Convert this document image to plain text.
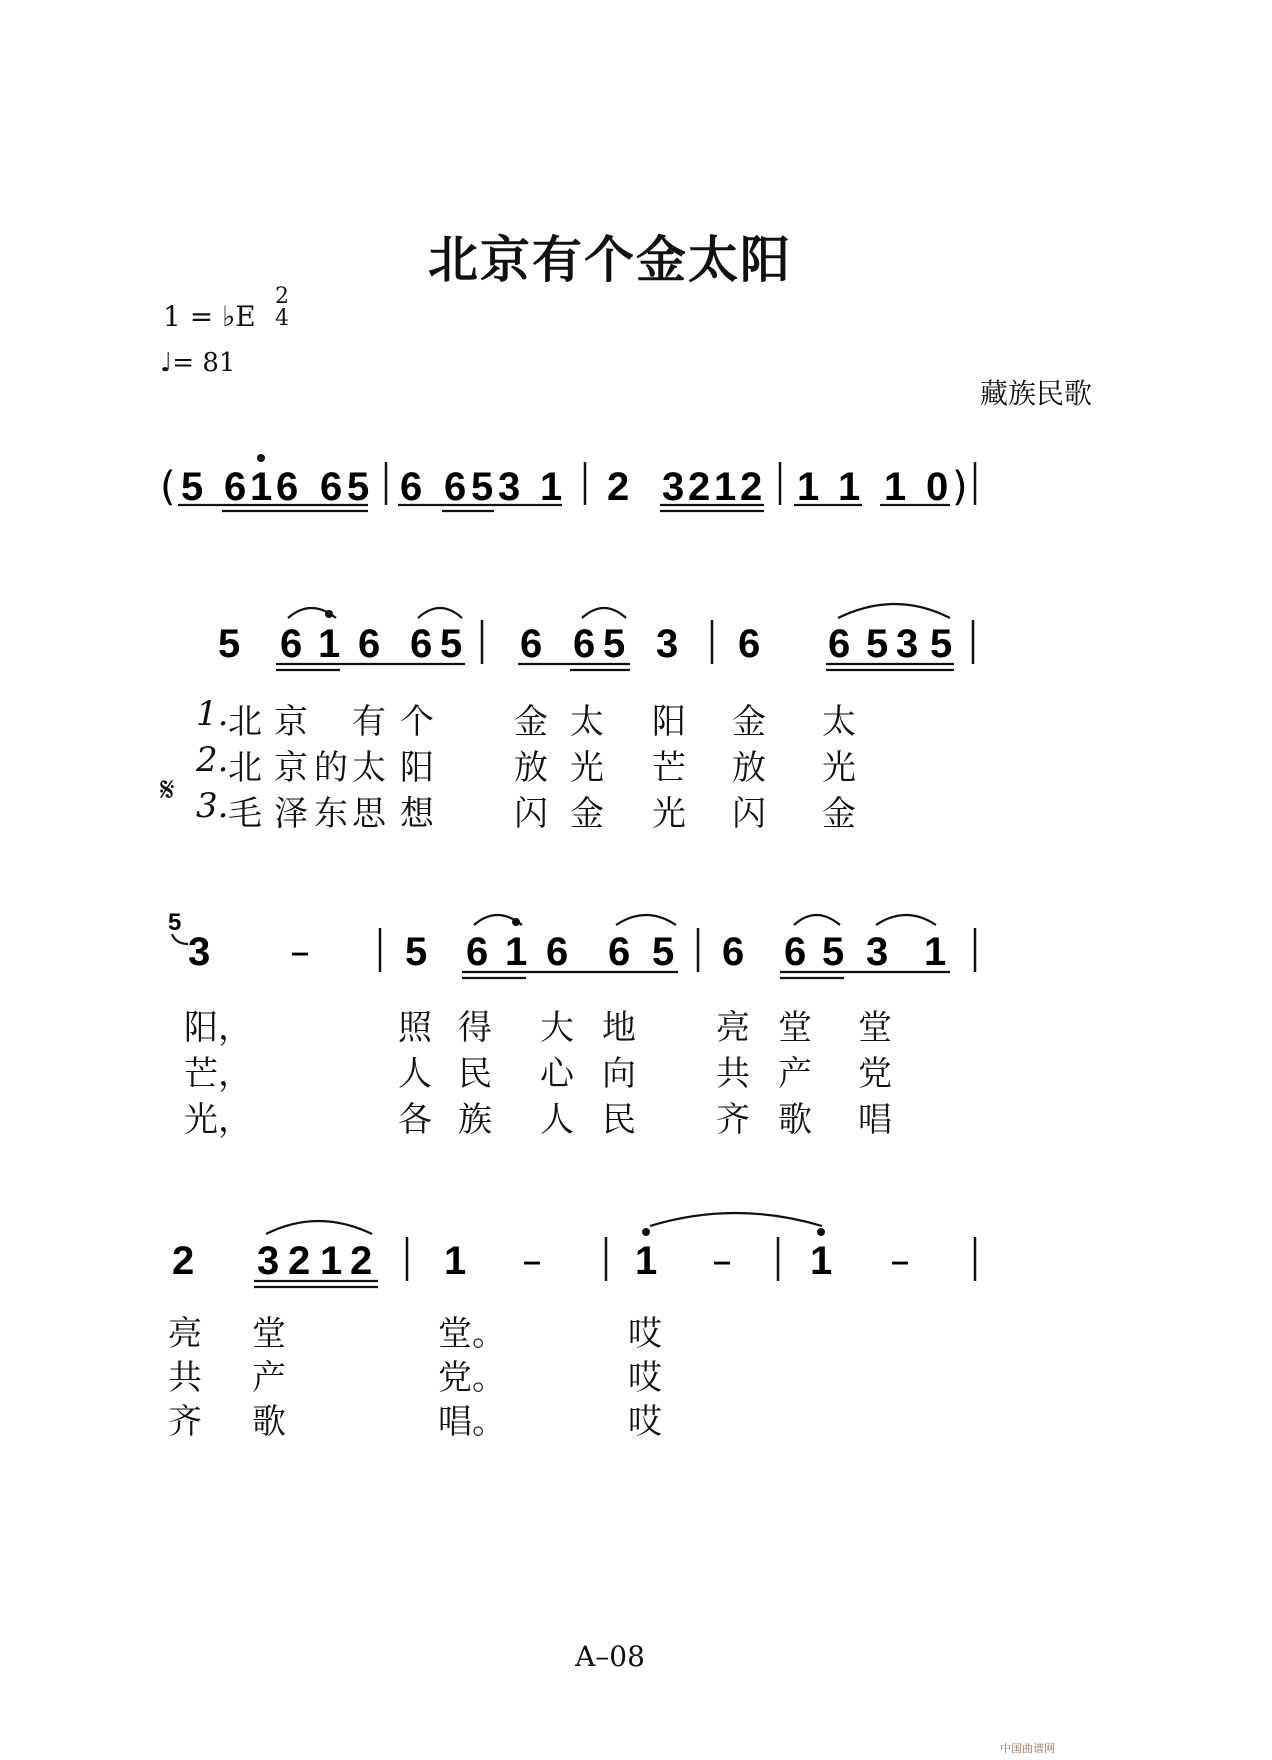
北京有个金太阳
1 = ♭E
2
4
♩= 81
藏族民歌
( 5 6 1 6 6 5 6 6 5 3 1 2 3 2 1 2 1 1 1 0 )
5 6 1 6 6 5 6 6 5 3 6 6 5 3 5
5
3 – 5 6 1 6 6 5 6 6 5 3 1
2 3 2 1 2 1 – 1 – 1 –
𝄋
1. 北 京 有 个 金 太 阳 金 太
2. 北 京 的 太 阳 放 光 芒 放 光
3. 毛 泽 东 思 想 闪 金 光 闪 金
阳，	照 得 大 地 亮 堂 堂
芒，	人 民 心 向 共 产 党
光，	各 族 人 民 齐 歌 唱
亮 堂	堂。	哎
共 产	党。	哎
齐 歌	唱。	哎
A–08
中国曲谱网
